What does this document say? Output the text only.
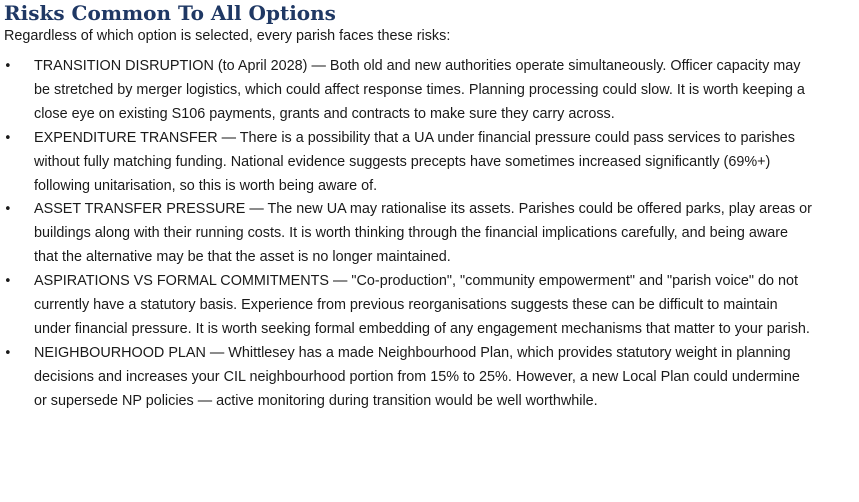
Risks Common To All Options

Regardless of which option is selected, every parish faces these risks:

•	TRANSITION DISRUPTION (to April 2028) — Both old and new authorities operate simultaneously. Officer capacity may be stretched by merger logistics, which could affect response times. Planning processing could slow. It is worth keeping a close eye on existing S106 payments, grants and contracts to make sure they carry across.
•	EXPENDITURE TRANSFER — There is a possibility that a UA under financial pressure could pass services to parishes without fully matching funding. National evidence suggests precepts have sometimes increased significantly (69%+) following unitarisation, so this is worth being aware of.
•	ASSET TRANSFER PRESSURE — The new UA may rationalise its assets. Parishes could be offered parks, play areas or buildings along with their running costs. It is worth thinking through the financial implications carefully, and being aware that the alternative may be that the asset is no longer maintained.
•	ASPIRATIONS VS FORMAL COMMITMENTS — "Co-production", "community empowerment" and "parish voice" do not currently have a statutory basis. Experience from previous reorganisations suggests these can be difficult to maintain under financial pressure. It is worth seeking formal embedding of any engagement mechanisms that matter to your parish.
•	NEIGHBOURHOOD PLAN — Whittlesey has a made Neighbourhood Plan, which provides statutory weight in planning decisions and increases your CIL neighbourhood portion from 15% to 25%. However, a new Local Plan could undermine or supersede NP policies — active monitoring during transition would be well worthwhile.
